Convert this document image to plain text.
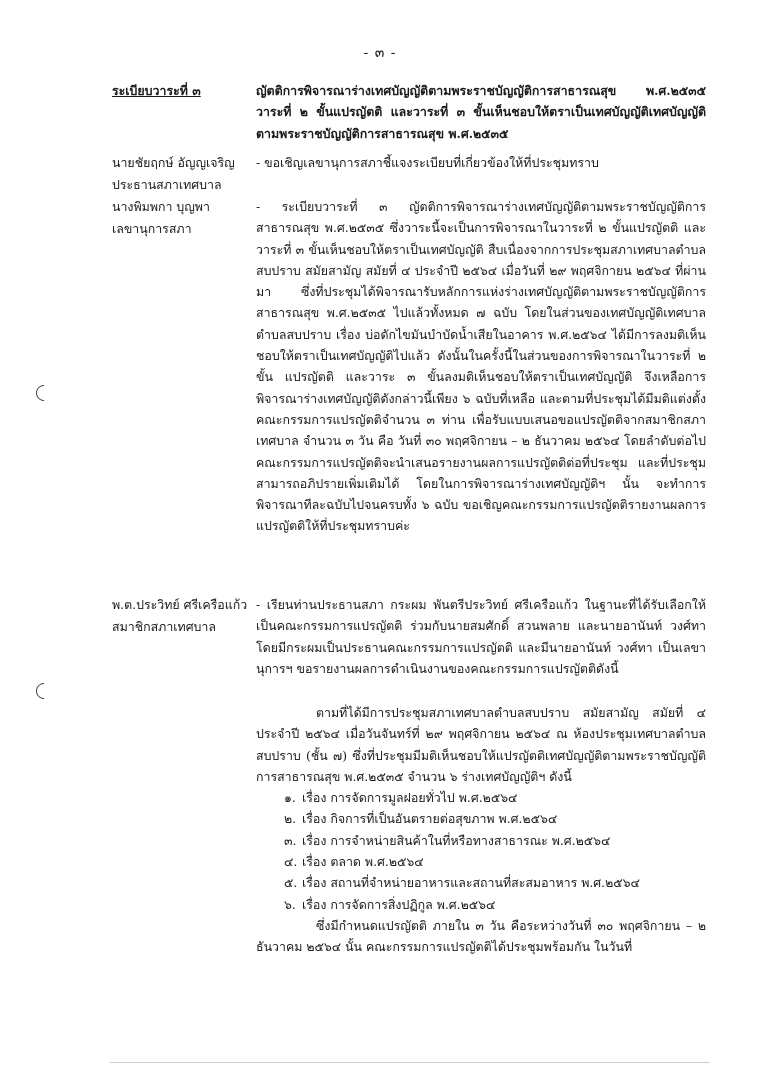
- ๓ -
ระเบียบวาระที่ ๓
นายชัยฤกษ์ อัญญเจริญ
ประธานสภาเทศบาล
นางพิมพกา บุญพา
เลขานุการสภา
พ.ต.ประวิทย์ ศรีเครือแก้ว
สมาชิกสภาเทศบาล
ญัตติการพิจารณาร่างเทศบัญญัติตามพระราชบัญญัติการสาธารณสุข พ.ศ.๒๕๓๕ วาระที่ ๒ ขั้นแปรญัตติ และวาระที่ ๓ ขั้นเห็นชอบให้ตราเป็นเทศบัญญัติเทศบัญญัติตามพระราชบัญญัติการสาธารณสุข พ.ศ.๒๕๓๕
- ขอเชิญเลขานุการสภาชี้แจงระเบียบที่เกี่ยวข้องให้ที่ประชุมทราบ
- ระเบียบวาระที่ ๓ ญัตติการพิจารณาร่างเทศบัญญัติตามพระราชบัญญัติการสาธารณสุข พ.ศ.๒๕๓๕ ซึ่งวาระนี้จะเป็นการพิจารณาในวาระที่ ๒ ขั้นแปรญัตติ และวาระที่ ๓ ขั้นเห็นชอบให้ตราเป็นเทศบัญญัติ สืบเนื่องจากการประชุมสภาเทศบาลตำบลสบปราบ สมัยสามัญ สมัยที่ ๔ ประจำปี ๒๕๖๔ เมื่อวันที่ ๒๙ พฤศจิกายน ๒๕๖๔ ที่ผ่านมา ซึ่งที่ประชุมได้พิจารณารับหลักการแห่งร่างเทศบัญญัติตามพระราชบัญญัติการสาธารณสุข พ.ศ.๒๕๓๕ ไปแล้วทั้งหมด ๗ ฉบับ โดยในส่วนของเทศบัญญัติเทศบาลตำบลสบปราบ เรื่อง บ่อดักไขมันบำบัดน้ำเสียในอาคาร พ.ศ.๒๕๖๔ ได้มีการลงมติเห็นชอบให้ตราเป็นเทศบัญญัติไปแล้ว ดังนั้นในครั้งนี้ในส่วนของการพิจารณาในวาระที่ ๒ ขั้น แปรญัตติ และวาระ ๓ ขั้นลงมติเห็นชอบให้ตราเป็นเทศบัญญัติ จึงเหลือการพิจารณาร่างเทศบัญญัติดังกล่าวนี้เพียง ๖ ฉบับที่เหลือ และตามที่ประชุมได้มีมติแต่งตั้งคณะกรรมการแปรญัตติจำนวน ๓ ท่าน เพื่อรับแบบเสนอขอแปรญัตติจากสมาชิกสภาเทศบาล จำนวน ๓ วัน คือ วันที่ ๓๐ พฤศจิกายน – ๒ ธันวาคม ๒๕๖๔ โดยลำดับต่อไป คณะกรรมการแปรญัตติจะนำเสนอรายงานผลการแปรญัตติต่อที่ประชุม และที่ประชุมสามารถอภิปรายเพิ่มเติมได้ โดยในการพิจารณาร่างเทศบัญญัติฯ นั้น จะทำการพิจารณาทีละฉบับไปจนครบทั้ง ๖ ฉบับ ขอเชิญคณะกรรมการแปรญัตติรายงานผลการแปรญัตติให้ที่ประชุมทราบค่ะ
- เรียนท่านประธานสภา กระผม พันตรีประวิทย์ ศรีเครือแก้ว ในฐานะที่ได้รับเลือกให้เป็นคณะกรรมการแปรญัตติ ร่วมกับนายสมศักดิ์ สวนพลาย และนายอานันท์ วงศ์ทา โดยมีกระผมเป็นประธานคณะกรรมการแปรญัตติ และมีนายอานันท์ วงศ์ทา เป็นเลขานุการฯ ขอรายงานผลการดำเนินงานของคณะกรรมการแปรญัตติดังนี้

ตามที่ได้มีการประชุมสภาเทศบาลตำบลสบปราบ สมัยสามัญ สมัยที่ ๔ ประจำปี ๒๕๖๔ เมื่อวันจันทร์ที่ ๒๙ พฤศจิกายน ๒๕๖๔ ณ ห้องประชุมเทศบาลตำบลสบปราบ (ชั้น ๗) ซึ่งที่ประชุมมีมติเห็นชอบให้แปรญัตติเทศบัญญัติตามพระราชบัญญัติการสาธารณสุข พ.ศ.๒๕๓๕ จำนวน ๖ ร่างเทศบัญญัติฯ ดังนี้

๑. เรื่อง การจัดการมูลฝอยทั่วไป พ.ศ.๒๕๖๔
๒. เรื่อง กิจการที่เป็นอันตรายต่อสุขภาพ พ.ศ.๒๕๖๔
๓. เรื่อง การจำหน่ายสินค้าในที่หรือทางสาธารณะ พ.ศ.๒๕๖๔
๔. เรื่อง ตลาด พ.ศ.๒๕๖๔
๕. เรื่อง สถานที่จำหน่ายอาหารและสถานที่สะสมอาหาร พ.ศ.๒๕๖๔
๖. เรื่อง การจัดการสิ่งปฏิกูล พ.ศ.๒๕๖๔

ซึ่งมีกำหนดแปรญัตติ ภายใน ๓ วัน คือระหว่างวันที่ ๓๐ พฤศจิกายน – ๒ ธันวาคม ๒๕๖๔ นั้น คณะกรรมการแปรญัตติได้ประชุมพร้อมกัน ในวันที่
